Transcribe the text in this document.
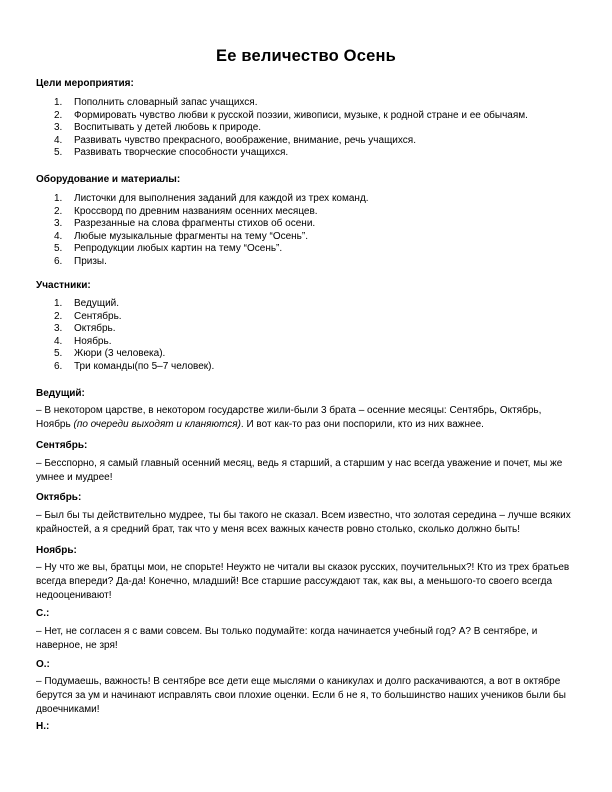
Ее величество Осень
Цели мероприятия:
1. Пополнить словарный запас учащихся.
2. Формировать чувство любви к русской поэзии, живописи, музыке, к родной стране и ее обычаям.
3. Воспитывать у детей любовь к природе.
4. Развивать чувство прекрасного, воображение, внимание, речь учащихся.
5. Развивать творческие способности учащихся.
Оборудование и материалы:
1. Листочки для выполнения заданий для каждой из трех команд.
2. Кроссворд по древним названиям осенних месяцев.
3. Разрезанные на слова фрагменты стихов об осени.
4. Любые музыкальные фрагменты на тему “Осень”.
5. Репродукции любых картин на тему “Осень”.
6. Призы.
Участники:
1. Ведущий.
2. Сентябрь.
3. Октябрь.
4. Ноябрь.
5. Жюри (3 человека).
6. Три команды(по 5–7 человек).
Ведущий:

– В некотором царстве, в некотором государстве жили-были 3 брата – осенние месяцы: Сентябрь, Октябрь, Ноябрь (по очереди выходят и кланяются). И вот как-то раз они поспорили, кто из них важнее.

Сентябрь:

– Бесспорно, я самый главный осенний месяц, ведь я старший, а старшим у нас всегда уважение и почет, мы же умнее и мудрее!

Октябрь:

– Был бы ты действительно мудрее, ты бы такого не сказал. Всем известно, что золотая середина – лучше всяких крайностей, а я средний брат, так что у меня всех важных качеств ровно столько, сколько должно быть!

Ноябрь:

– Ну что же вы, братцы мои, не спорьте! Неужто не читали вы сказок русских, поучительных?! Кто из трех братьев всегда впереди? Да-да! Конечно, младший! Все старшие рассуждают так, как вы, а меньшого-то своего всегда недооценивают!

С.:

– Нет, не согласен я с вами совсем. Вы только подумайте: когда начинается учебный год? А? В сентябре, и наверное, не зря!

О.:

– Подумаешь, важность! В сентябре все дети еще мыслями о каникулах и долго раскачиваются, а вот в октябре берутся за ум и начинают исправлять свои плохие оценки. Если б не я, то большинство наших учеников были бы двоечниками!

Н.:
